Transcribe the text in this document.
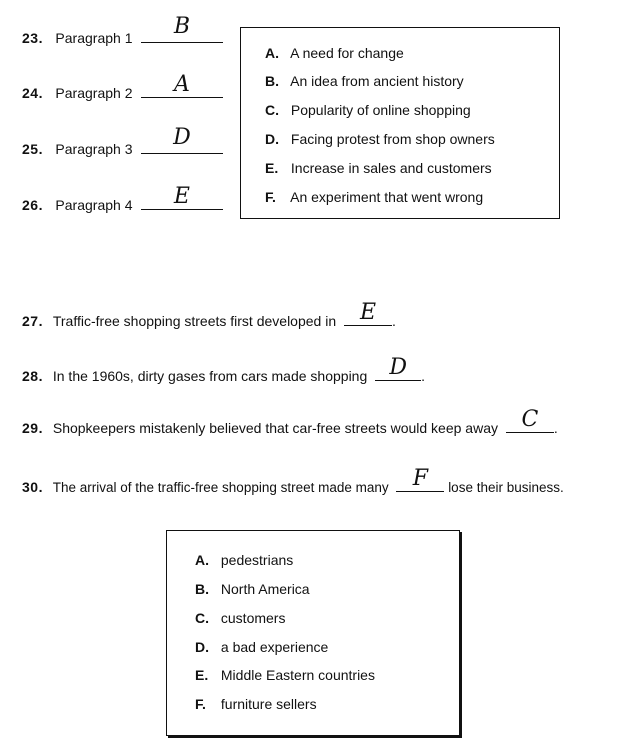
23. Paragraph 1	B
24. Paragraph 2	A
25. Paragraph 3	D
26. Paragraph 4	E
A. A need for change
B. An idea from ancient history
C. Popularity of online shopping
D. Facing protest from shop owners
E. Increase in sales and customers
F. An experiment that went wrong
27. Traffic-free shopping streets first developed in	E	.
28. In the 1960s, dirty gases from cars made shopping	D	.
29. Shopkeepers mistakenly believed that car-free streets would keep away	C	.
30. The arrival of the traffic-free shopping street made many	F	lose their business.
A. pedestrians
B. North America
C. customers
D. a bad experience
E. Middle Eastern countries
F. furniture sellers
